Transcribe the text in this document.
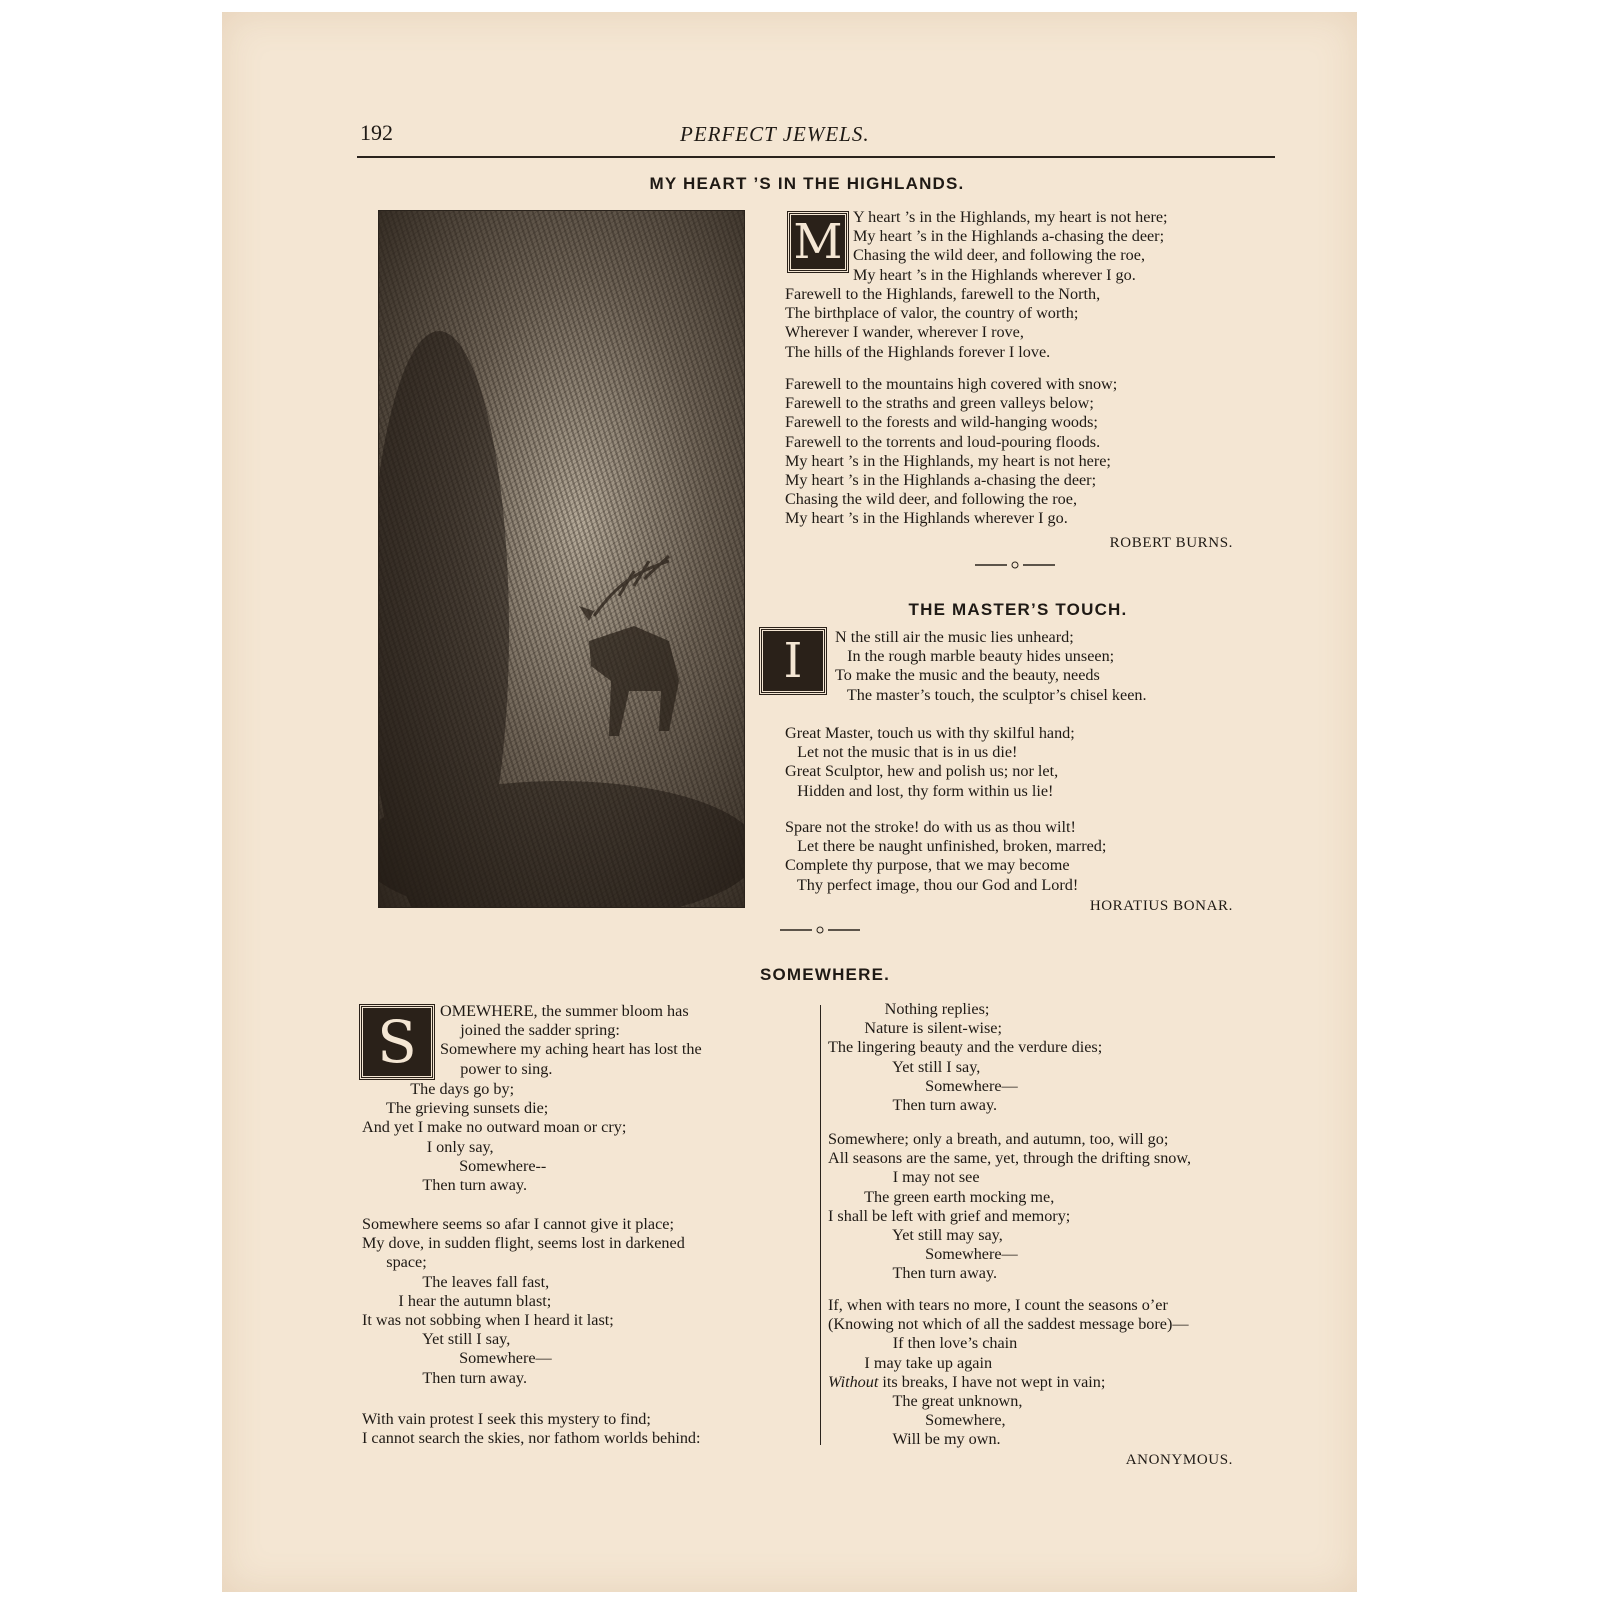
192	PERFECT JEWELS.
MY HEART ’S IN THE HIGHLANDS.
M Y heart ’s in the Highlands, my heart is not here;
My heart ’s in the Highlands a-chasing the deer;
Chasing the wild deer, and following the roe,
My heart ’s in the Highlands wherever I go.
Farewell to the Highlands, farewell to the North,
The birthplace of valor, the country of worth;
Wherever I wander, wherever I rove,
The hills of the Highlands forever I love.
Farewell to the mountains high covered with snow;
Farewell to the straths and green valleys below;
Farewell to the forests and wild-hanging woods;
Farewell to the torrents and loud-pouring floods.
My heart ’s in the Highlands, my heart is not here;
My heart ’s in the Highlands a-chasing the deer;
Chasing the wild deer, and following the roe,
My heart ’s in the Highlands wherever I go.
ROBERT BURNS.
THE MASTER’S TOUCH.
I	N the still air the music lies unheard;
In the rough marble beauty hides unseen;
To make the music and the beauty, needs
The master’s touch, the sculptor’s chisel keen.
Great Master, touch us with thy skilful hand;
Let not the music that is in us die!
Great Sculptor, hew and polish us; nor let,
Hidden and lost, thy form within us lie!
Spare not the stroke! do with us as thou wilt!
Let there be naught unfinished, broken, marred;
Complete thy purpose, that we may become
Thy perfect image, thou our God and Lord!
HORATIUS BONAR.
SOMEWHERE.
S	OMEWHERE, the summer bloom has
joined the sadder spring:
Somewhere my aching heart has lost the
power to sing.
The days go by;
The grieving sunsets die;
And yet I make no outward moan or cry;
I only say,
Somewhere--
Then turn away.
Somewhere seems so afar I cannot give it place;
My dove, in sudden flight, seems lost in darkened
space;
The leaves fall fast,
I hear the autumn blast;
It was not sobbing when I heard it last;
Yet still I say,
Somewhere—
Then turn away.
With vain protest I seek this mystery to find;
I cannot search the skies, nor fathom worlds behind:
Nothing replies;
Nature is silent-wise;
The lingering beauty and the verdure dies;
Yet still I say,
Somewhere—
Then turn away.
Somewhere; only a breath, and autumn, too, will go;
All seasons are the same, yet, through the drifting snow,
I may not see
The green earth mocking me,
I shall be left with grief and memory;
Yet still may say,
Somewhere—
Then turn away.
If, when with tears no more, I count the seasons o’er
(Knowing not which of all the saddest message bore)—
If then love’s chain
I may take up again
Without its breaks, I have not wept in vain;
The great unknown,
Somewhere,
Will be my own.
ANONYMOUS.
